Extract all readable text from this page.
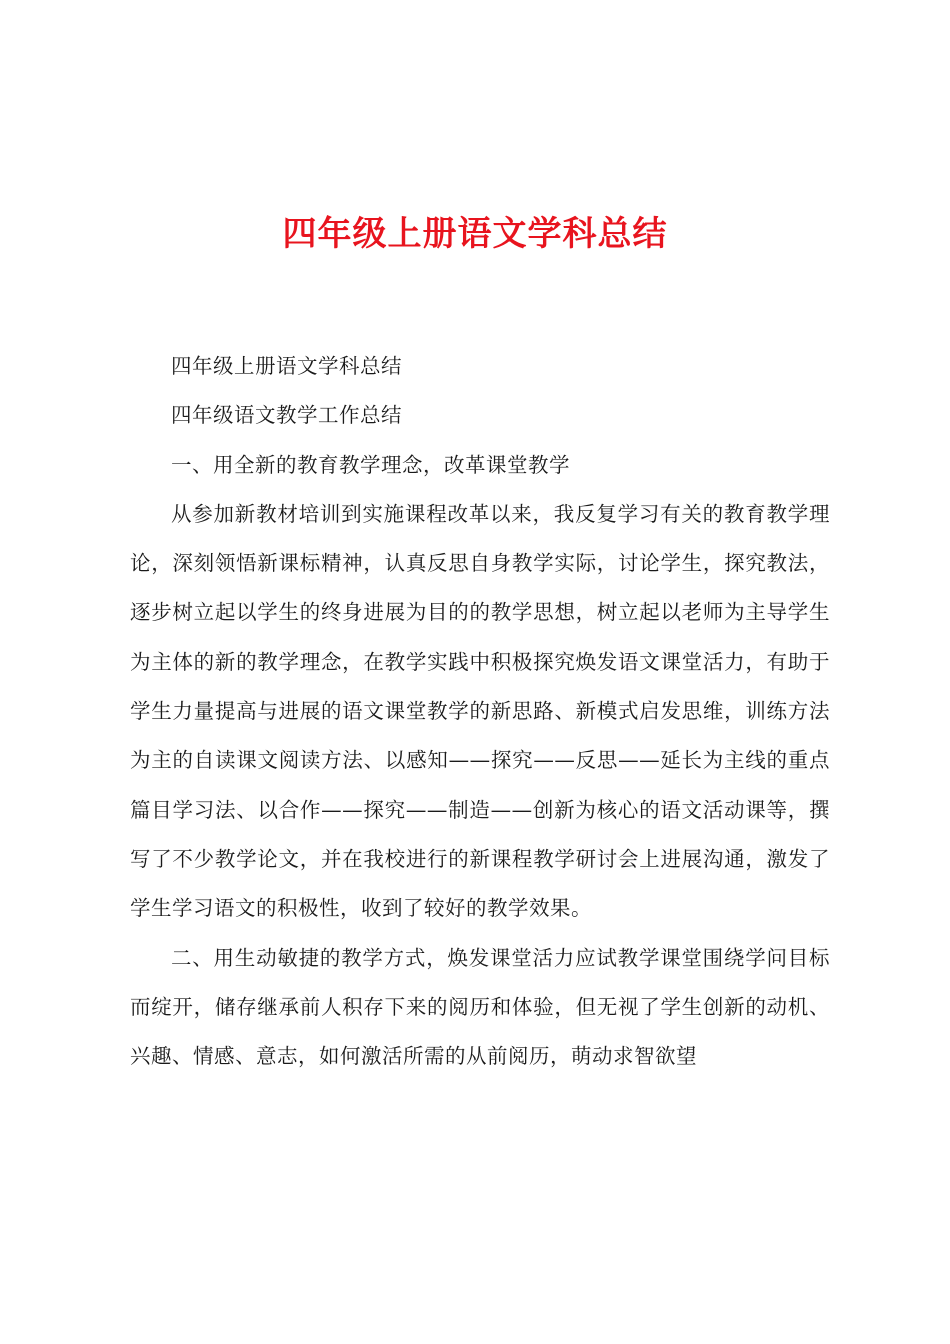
四年级上册语文学科总结

四年级上册语文学科总结

四年级语文教学工作总结

一、用全新的教育教学理念，改革课堂教学

从参加新教材培训到实施课程改革以来，我反复学习有关的教育教学理论，深刻领悟新课标精神，认真反思自身教学实际，讨论学生，探究教法，逐步树立起以学生的终身进展为目的的教学思想，树立起以老师为主导学生为主体的新的教学理念，在教学实践中积极探究焕发语文课堂活力，有助于学生力量提高与进展的语文课堂教学的新思路、新模式启发思维，训练方法为主的自读课文阅读方法、以感知——探究——反思——延长为主线的重点篇目学习法、以合作——探究——制造——创新为核心的语文活动课等，撰写了不少教学论文，并在我校进行的新课程教学研讨会上进展沟通，激发了学生学习语文的积极性，收到了较好的教学效果。

二、用生动敏捷的教学方式，焕发课堂活力应试教学课堂围绕学问目标而绽开，储存继承前人积存下来的阅历和体验，但无视了学生创新的动机、兴趣、情感、意志，如何激活所需的从前阅历，萌动求智欲望
